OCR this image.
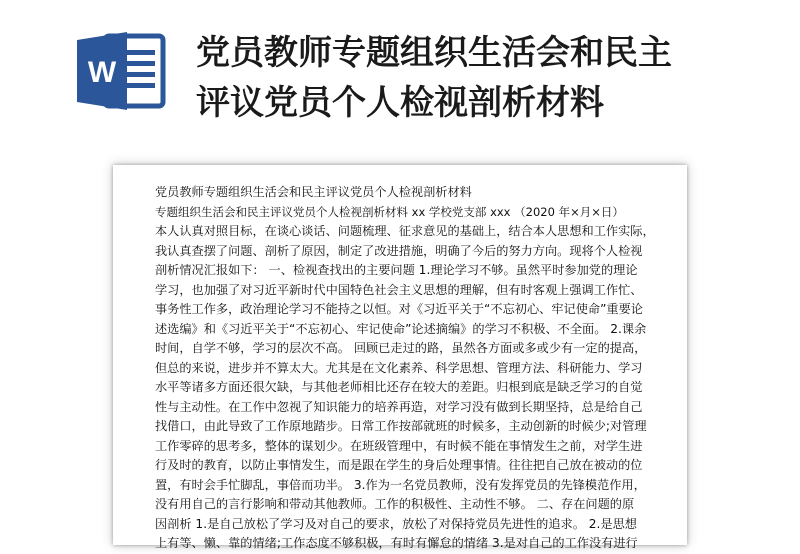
W 党员教师专题组织生活会和民主
评议党员个人检视剖析材料
党员教师专题组织生活会和民主评议党员个人检视剖析材料
专题组织生活会和民主评议党员个人检视剖析材料 xx 学校党支部 xxx （2020 年×月×日）
本人认真对照目标，在谈心谈话、问题梳理、征求意见的基础上，结合本人思想和工作实际，
我认真查摆了问题、剖析了原因，制定了改进措施，明确了今后的努力方向。现将个人检视
剖析情况汇报如下： 一、检视查找出的主要问题 1.理论学习不够。虽然平时参加党的理论
学习，也加强了对习近平新时代中国特色社会主义思想的理解，但有时客观上强调工作忙、
事务性工作多，政治理论学习不能持之以恒。对《习近平关于“不忘初心、牢记使命”重要论
述选编》和《习近平关于“不忘初心、牢记使命”论述摘编》的学习不积极、不全面。 2.课余
时间，自学不够，学习的层次不高。 回顾已走过的路，虽然各方面或多或少有一定的提高，
但总的来说，进步并不算太大。尤其是在文化素养、科学思想、管理方法、科研能力、学习
水平等诸多方面还很欠缺，与其他老师相比还存在较大的差距。归根到底是缺乏学习的自觉
性与主动性。在工作中忽视了知识能力的培养再造，对学习没有做到长期坚持，总是给自己
找借口，由此导致了工作原地踏步。日常工作按部就班的时候多，主动创新的时候少;对管理
工作零碎的思考多，整体的谋划少。在班级管理中，有时候不能在事情发生之前，对学生进
行及时的教育，以防止事情发生，而是跟在学生的身后处理事情。往往把自己放在被动的位
置，有时会手忙脚乱，事倍而功半。 3.作为一名党员教师，没有发挥党员的先锋模范作用，
没有用自己的言行影响和带动其他教师。工作的积极性、主动性不够。 二、存在问题的原
因剖析 1.是自己放松了学习及对自己的要求，放松了对保持党员先进性的追求。 2.是思想
上有等、懒、靠的情绪;工作态度不够积极，有时有懈怠的情绪 3.是对自己的工作没有进行
